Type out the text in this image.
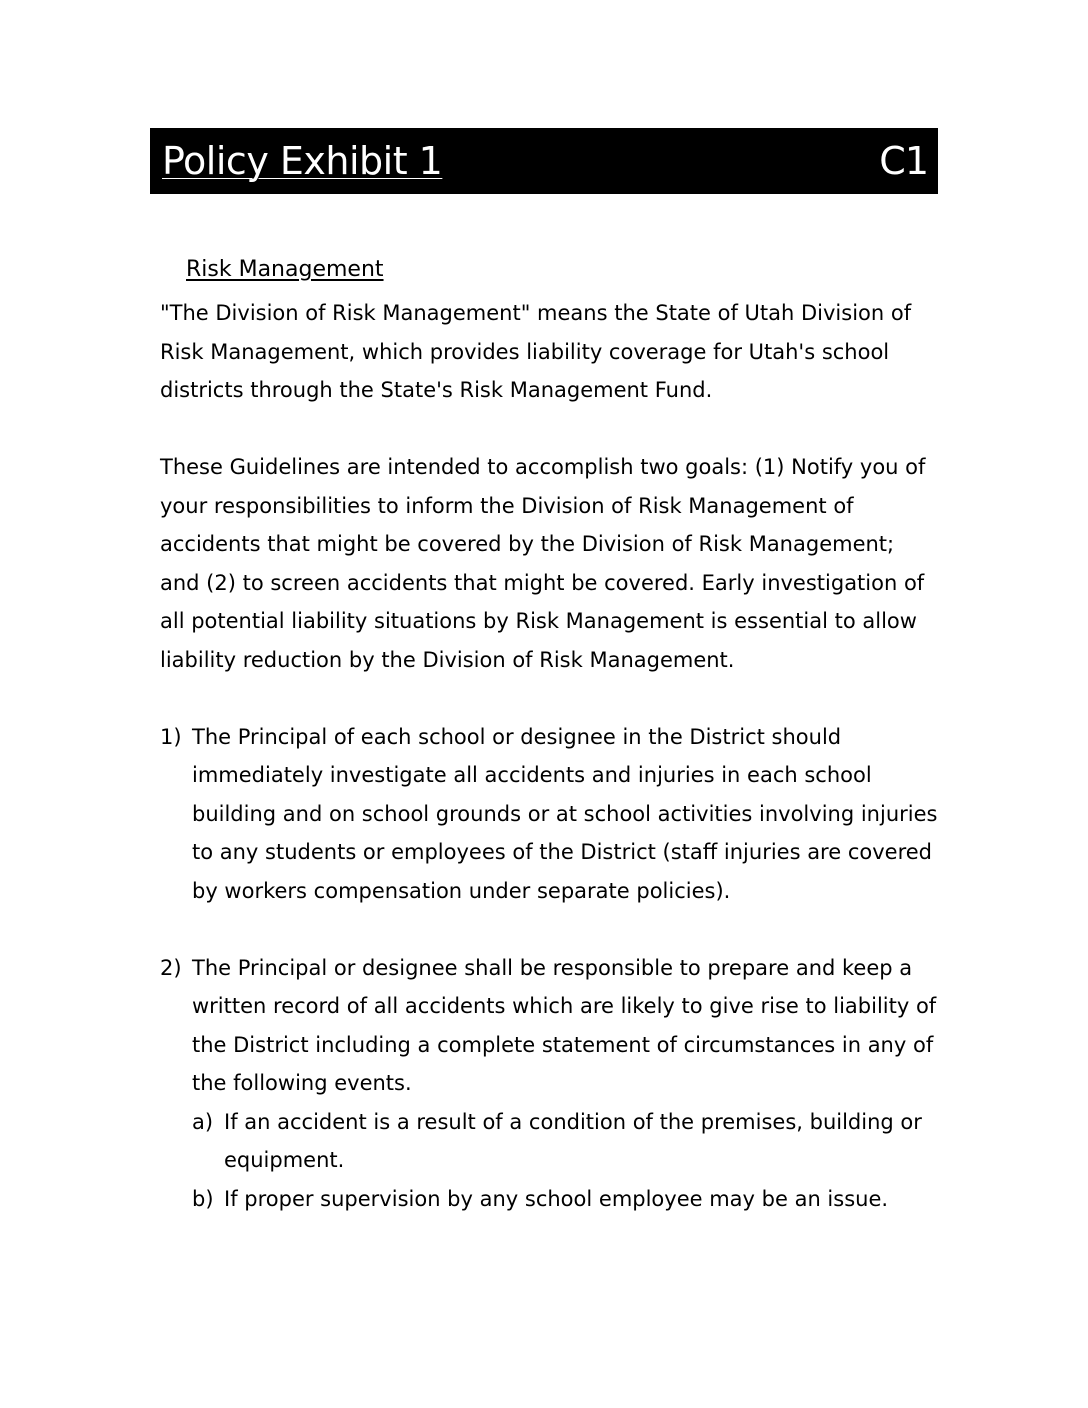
Policy Exhibit 1	C1
Risk Management

"The Division of Risk Management" means the State of Utah Division of Risk Management, which provides liability coverage for Utah's school districts through the State's Risk Management Fund.

These Guidelines are intended to accomplish two goals: (1) Notify you of your responsibilities to inform the Division of Risk Management of accidents that might be covered by the Division of Risk Management; and (2) to screen accidents that might be covered. Early investigation of all potential liability situations by Risk Management is essential to allow liability reduction by the Division of Risk Management.

1) The Principal of each school or designee in the District should immediately investigate all accidents and injuries in each school building and on school grounds or at school activities involving injuries to any students or employees of the District (staff injuries are covered by workers compensation under separate policies).
2) The Principal or designee shall be responsible to prepare and keep a written record of all accidents which are likely to give rise to liability of the District including a complete statement of circumstances in any of the following events.
a) If an accident is a result of a condition of the premises, building or equipment.
b) If proper supervision by any school employee may be an issue.
